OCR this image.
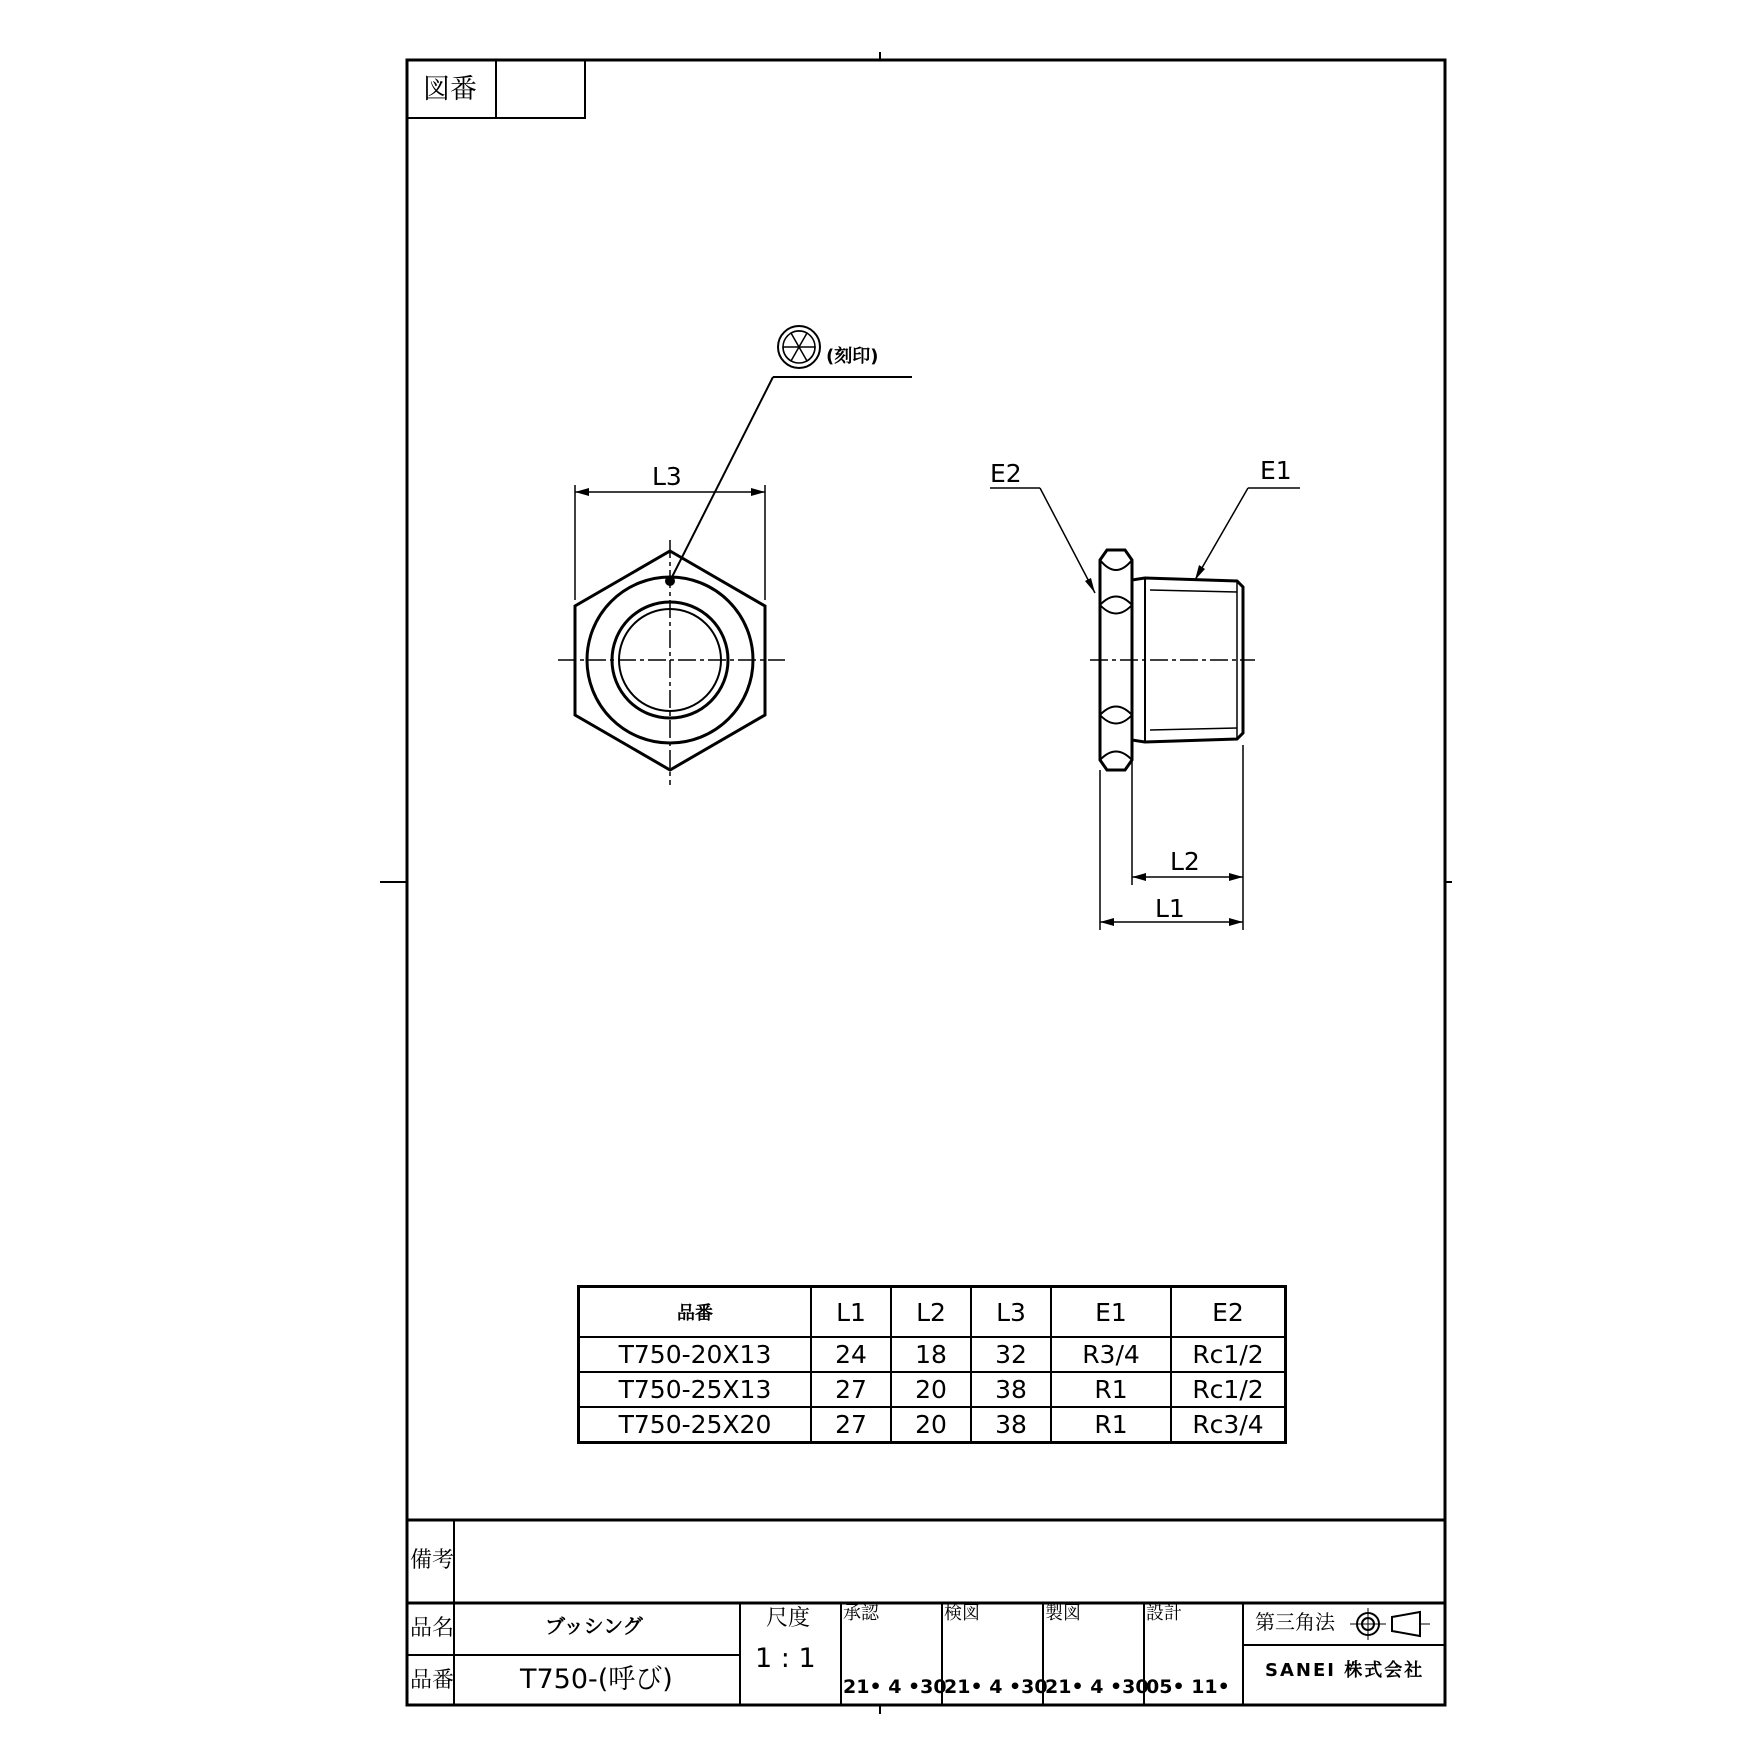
図番
(刻印)
L3	E2	E1
L2
L1
品番	L1	L2	L3	E1	E2
T750-20X13	24	18	32	R3/4	Rc1/2
T750-25X13	27	20	38	R1	Rc1/2
T750-25X20	27	20	38	R1	Rc3/4
備考
品名	ブッシング
品番 T750-(呼び)
尺度
1 : 1
承認
21• 4 •30
検図
21• 4 •30
製図
21• 4 •30
設計
05• 11•
第三角法
SANEI 株式会社
